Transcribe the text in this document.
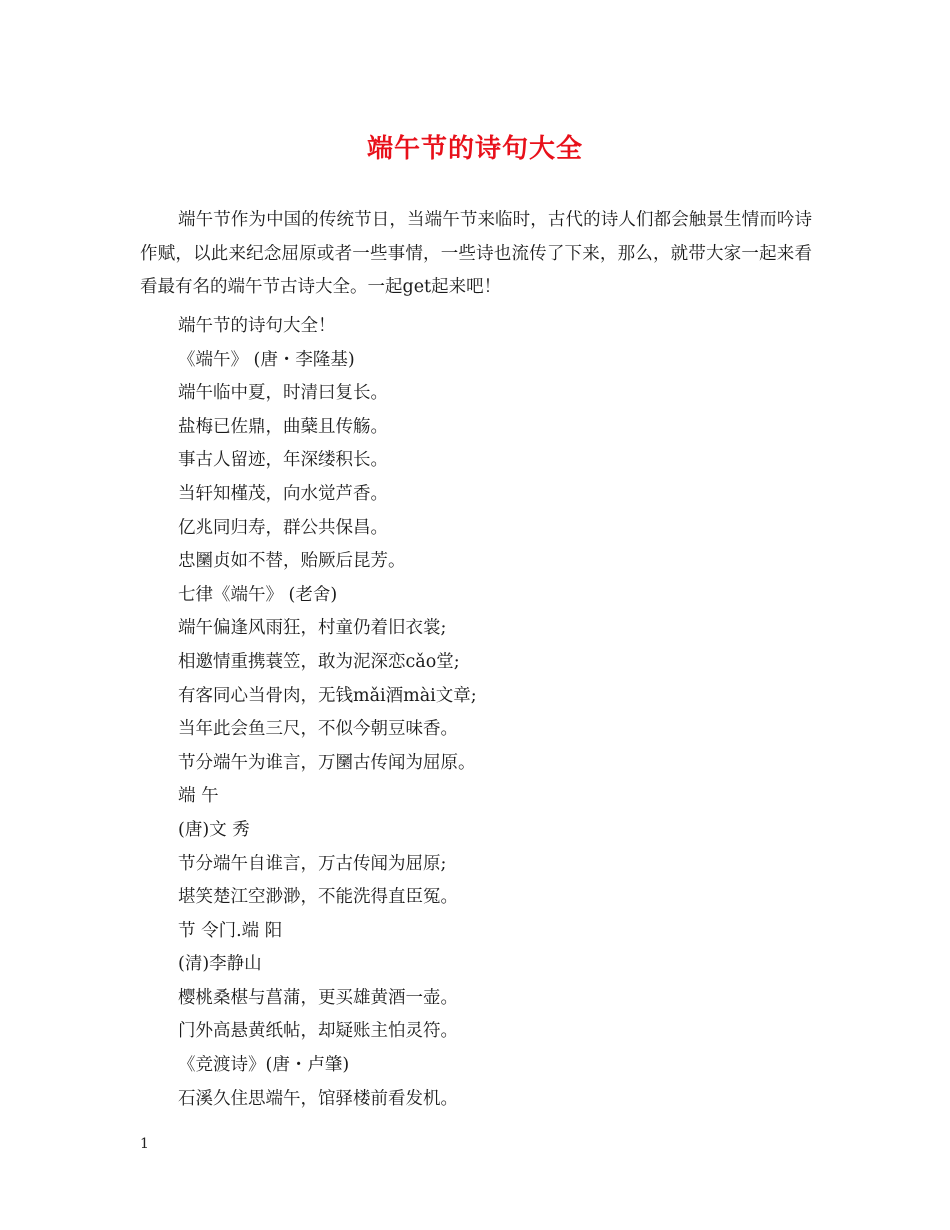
端午节的诗句大全
端午节作为中国的传统节日，当端午节来临时，古代的诗人们都会触景生情而吟诗作赋，以此来纪念屈原或者一些事情，一些诗也流传了下来，那么，就带大家一起来看看最有名的端午节古诗大全。一起get起来吧！
端午节的诗句大全！
《端午》 (唐・李隆基)
端午临中夏，时清曰复长。
盐梅已佐鼎，曲蘖且传觞。
事古人留迹，年深缕积长。
当轩知槿茂，向水觉芦香。
亿兆同归寿，群公共保昌。
忠圞贞如不替，贻厥后昆芳。
七律《端午》 (老舍)
端午偏逢风雨狂，村童仍着旧衣裳;
相邀情重携蓑笠，敢为泥深恋cǎo堂;
有客同心当骨肉，无钱mǎi酒mài文章;
当年此会鱼三尺，不似今朝豆味香。
节分端午为谁言，万圞古传闻为屈原。
端 午
(唐)文 秀
节分端午自谁言，万古传闻为屈原;
堪笑楚江空渺渺，不能洗得直臣冤。
节 令门.端 阳
(清)李静山
樱桃桑椹与菖蒲，更买雄黄酒一壶。
门外高悬黄纸帖，却疑账主怕灵符。
《竞渡诗》(唐・卢肇)
石溪久住思端午，馆驿楼前看发机。
1
